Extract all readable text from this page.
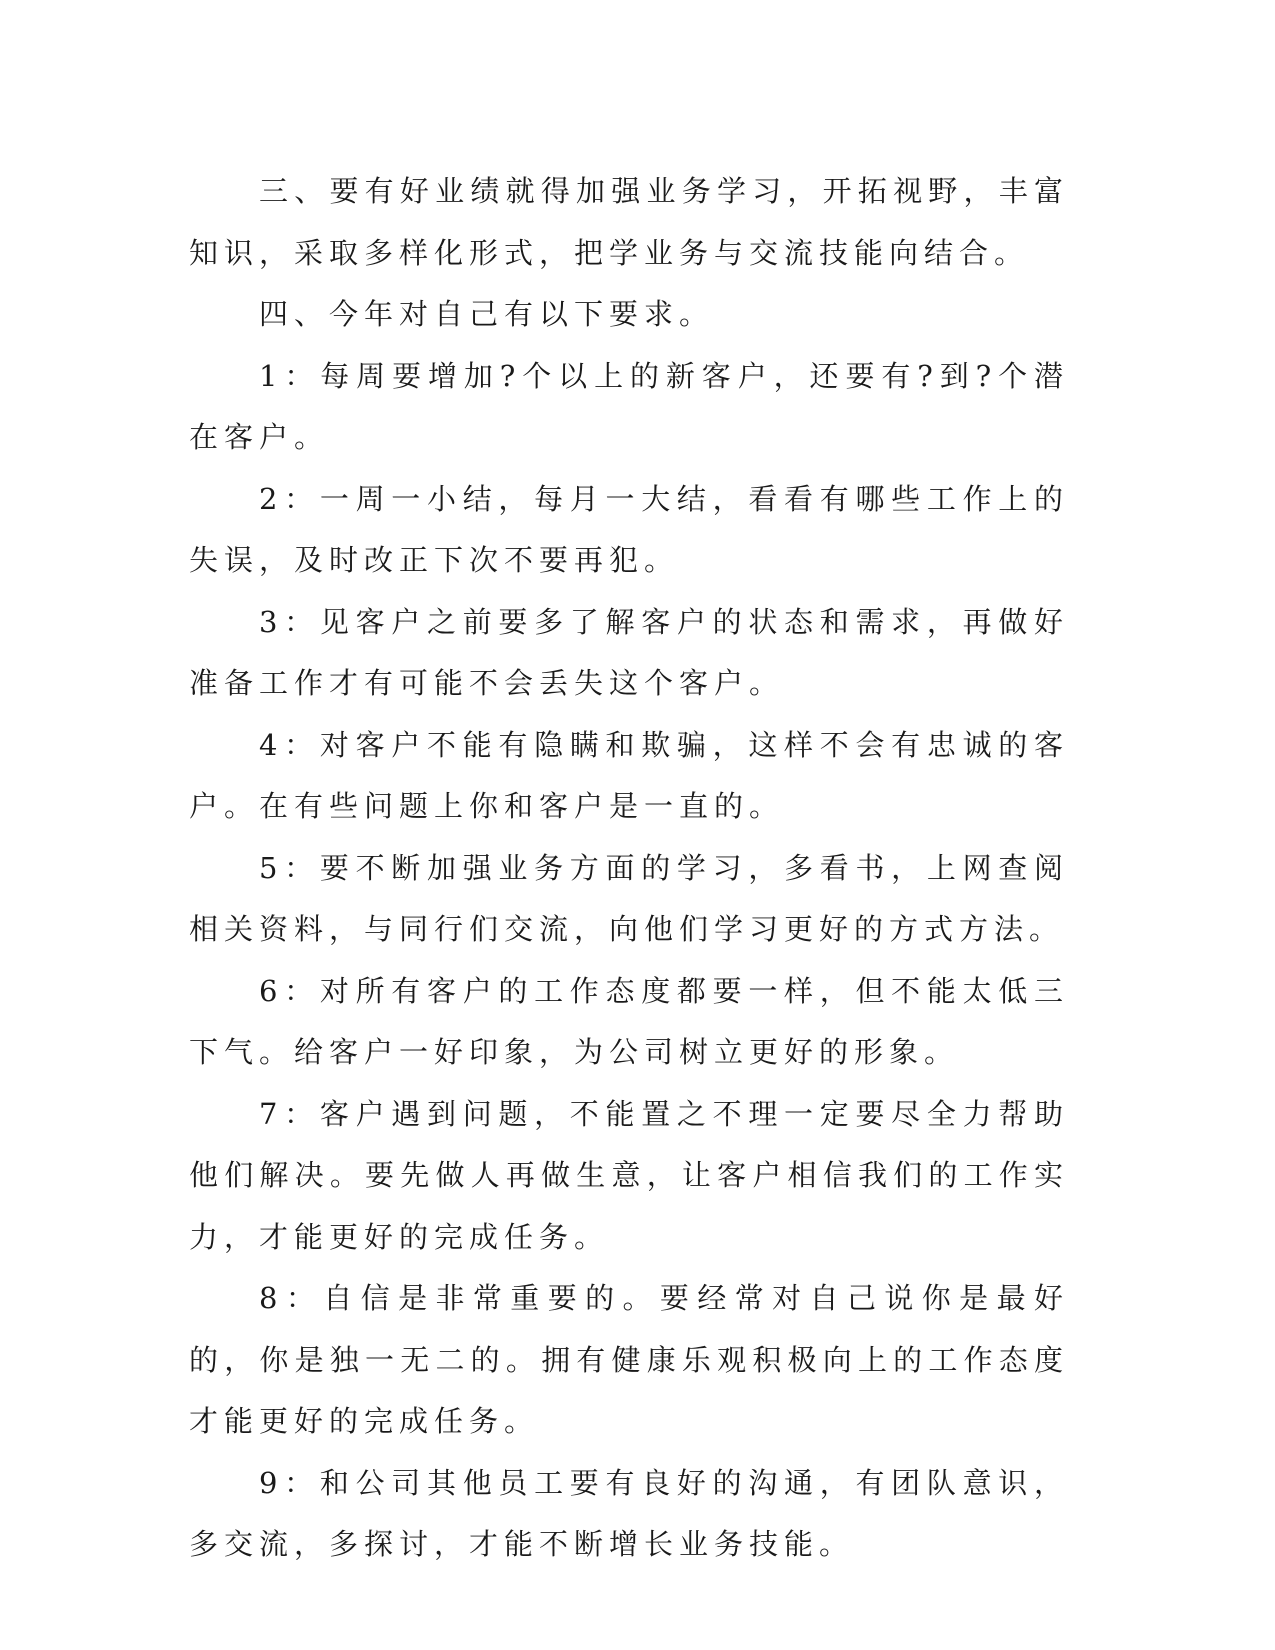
三、要有好业绩就得加强业务学习，开拓视野，丰富知识，采取多样化形式，把学业务与交流技能向结合。

四、今年对自己有以下要求。

1：每周要增加?个以上的新客户，还要有?到?个潜在客户。

2：一周一小结，每月一大结，看看有哪些工作上的失误，及时改正下次不要再犯。

3：见客户之前要多了解客户的状态和需求，再做好准备工作才有可能不会丢失这个客户。

4：对客户不能有隐瞒和欺骗，这样不会有忠诚的客户。在有些问题上你和客户是一直的。

5：要不断加强业务方面的学习，多看书，上网查阅相关资料，与同行们交流，向他们学习更好的方式方法。

6：对所有客户的工作态度都要一样，但不能太低三下气。给客户一好印象，为公司树立更好的形象。

7：客户遇到问题，不能置之不理一定要尽全力帮助他们解决。要先做人再做生意，让客户相信我们的工作实力，才能更好的完成任务。

8：自信是非常重要的。要经常对自己说你是最好的，你是独一无二的。拥有健康乐观积极向上的工作态度才能更好的完成任务。

9：和公司其他员工要有良好的沟通，有团队意识，多交流，多探讨，才能不断增长业务技能。
